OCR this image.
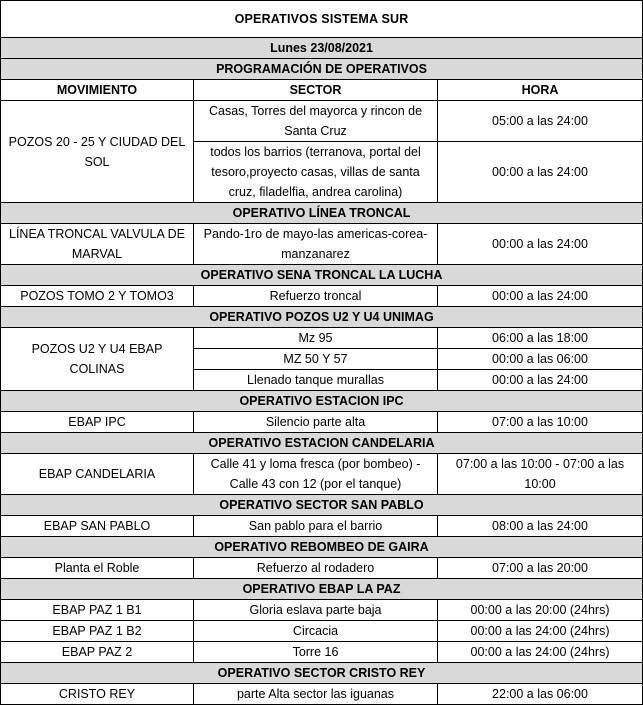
OPERATIVOS SISTEMA SUR		
Lunes 23/08/2021		
PROGRAMACIÓN DE OPERATIVOS		
MOVIMIENTO	SECTOR	HORA
POZOS 20 - 25 Y CIUDAD DEL SOL	Casas, Torres del mayorca y rincon de Santa Cruz	05:00 a las 24:00
	todos los barrios (terranova, portal del tesoro,proyecto casas, villas de santa cruz, filadelfia, andrea carolina)	00:00 a las 24:00
OPERATIVO LÍNEA TRONCAL		
LÍNEA TRONCAL VALVULA DE MARVAL	Pando-1ro de mayo-las americas-corea-manzanarez	00:00 a las 24:00
OPERATIVO SENA TRONCAL LA LUCHA		
POZOS TOMO 2 Y TOMO3	Refuerzo troncal	00:00 a las 24:00
OPERATIVO POZOS U2 Y U4 UNIMAG		
POZOS U2 Y U4 EBAP COLINAS	Mz 95	06:00 a las 18:00
	MZ 50 Y 57	00:00 a las 06:00
	Llenado tanque murallas	00:00 a las 24:00
OPERATIVO ESTACION IPC		
EBAP IPC	Silencio parte alta	07:00 a las 10:00
OPERATIVO ESTACION CANDELARIA		
EBAP CANDELARIA	Calle 41 y loma fresca (por bombeo) - Calle 43 con 12 (por el tanque)	07:00 a las 10:00 - 07:00 a las 10:00
OPERATIVO SECTOR SAN PABLO		
EBAP SAN PABLO	San pablo para el barrio	08:00 a las 24:00
OPERATIVO REBOMBEO DE GAIRA		
Planta el Roble	Refuerzo al rodadero	07:00 a las 20:00
OPERATIVO EBAP LA PAZ		
EBAP PAZ 1 B1	Gloria eslava parte baja	00:00 a las 20:00 (24hrs)
EBAP PAZ 1 B2	Circacia	00:00 a las 24:00 (24hrs)
EBAP PAZ 2	Torre 16	00:00 a las 24:00 (24hrs)
OPERATIVO SECTOR CRISTO REY		
CRISTO REY	parte Alta sector las iguanas	22:00 a las 06:00
